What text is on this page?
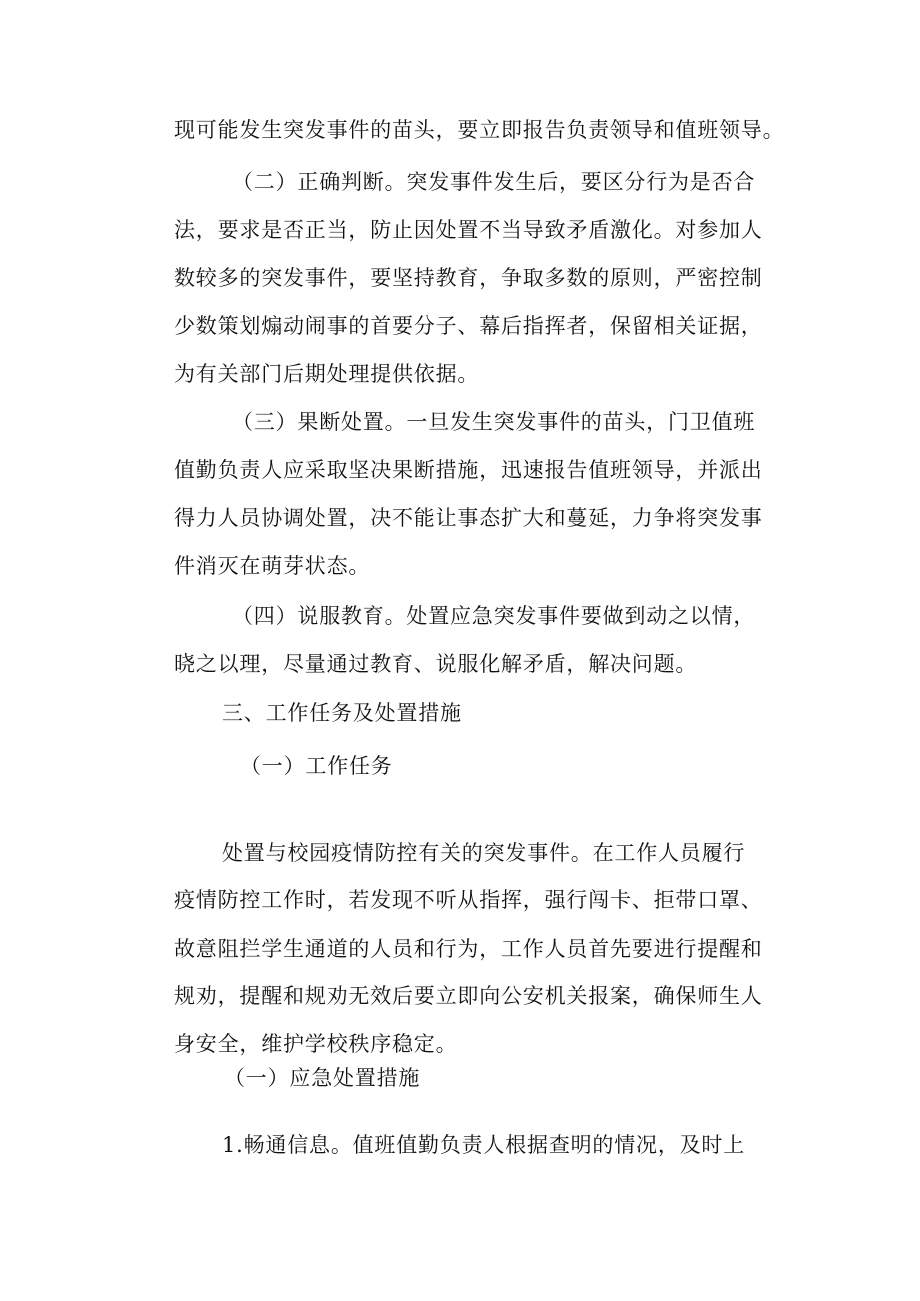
现可能发生突发事件的苗头，要立即报告负责领导和值班领导。
（二）正确判断。突发事件发生后，要区分行为是否合
法，要求是否正当，防止因处置不当导致矛盾激化。对参加人
数较多的突发事件，要坚持教育，争取多数的原则，严密控制
少数策划煽动闹事的首要分子、幕后指挥者，保留相关证据，
为有关部门后期处理提供依据。
（三）果断处置。一旦发生突发事件的苗头，门卫值班
值勤负责人应采取坚决果断措施，迅速报告值班领导，并派出
得力人员协调处置，决不能让事态扩大和蔓延，力争将突发事
件消灭在萌芽状态。
（四）说服教育。处置应急突发事件要做到动之以情，
晓之以理，尽量通过教育、说服化解矛盾，解决问题。
三、工作任务及处置措施
（一）工作任务
处置与校园疫情防控有关的突发事件。在工作人员履行
疫情防控工作时，若发现不听从指挥，强行闯卡、拒带口罩、
故意阻拦学生通道的人员和行为，工作人员首先要进行提醒和
规劝，提醒和规劝无效后要立即向公安机关报案，确保师生人
身安全，维护学校秩序稳定。
（一）应急处置措施
1.畅通信息。值班值勤负责人根据查明的情况，及时上
